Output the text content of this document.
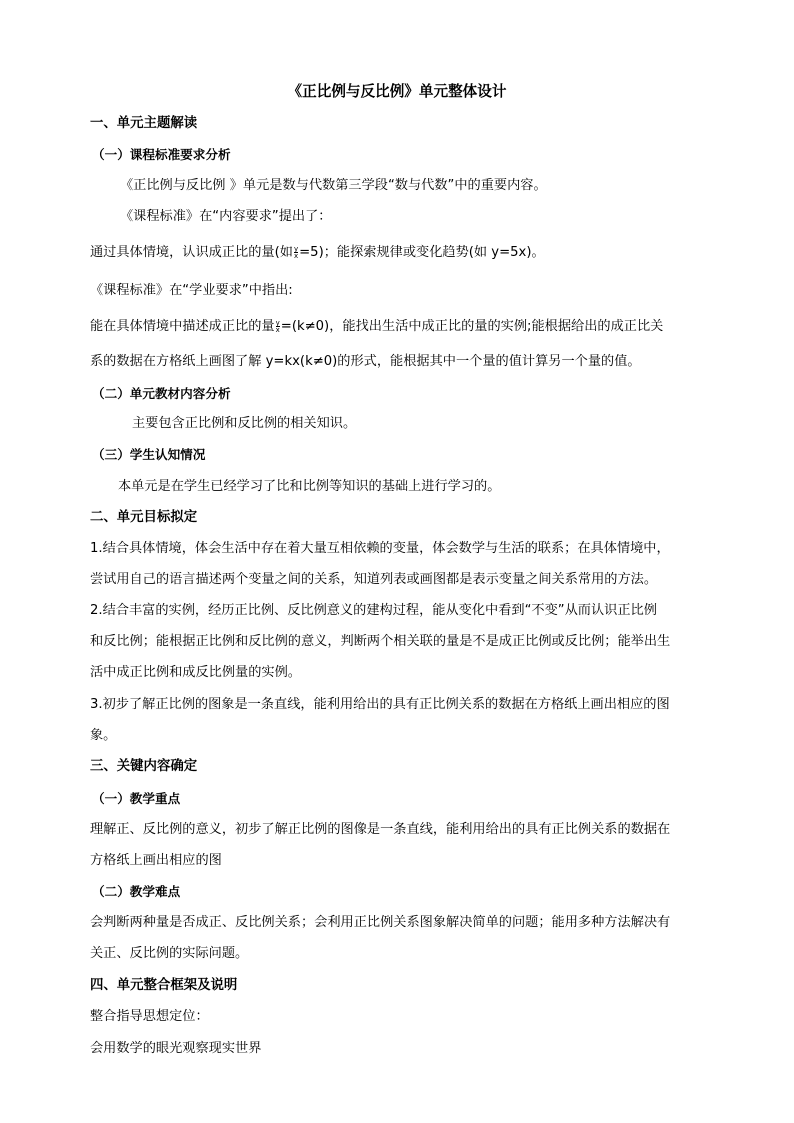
《正比例与反比例》单元整体设计
一、单元主题解读
（一）课程标准要求分析
《正比例与反比例 》单元是数与代数第三学段“数与代数”中的重要内容。
《课程标准》在“内容要求”提出了：
通过具体情境，认识成正比的量(如 $\frac{y}{x} =5$)；能探索规律或变化趋势(如 y=5x)。
《课程标准》在“学业要求”中指出:
能在具体情境中描述成正比的量 $\frac{y}{x} =(k\ne 0)$，能找出生活中成正比的量的实例;能根据给出的成正比关
系的数据在方格纸上画图了解 y=kx(k≠0)的形式，能根据其中一个量的值计算另一个量的值。
（二）单元教材内容分析
主要包含正比例和反比例的相关知识。
（三）学生认知情况
本单元是在学生已经学习了比和比例等知识的基础上进行学习的。
二、单元目标拟定
1.结合具体情境，体会生活中存在着大量互相依赖的变量，体会数学与生活的联系；在具体情境中，
尝试用自己的语言描述两个变量之间的关系，知道列表或画图都是表示变量之间关系常用的方法。
2.结合丰富的实例，经历正比例、反比例意义的建构过程，能从变化中看到“不变”从而认识正比例
和反比例；能根据正比例和反比例的意义，判断两个相关联的量是不是成正比例或反比例；能举出生
活中成正比例和成反比例量的实例。
3.初步了解正比例的图象是一条直线，能利用给出的具有正比例关系的数据在方格纸上画出相应的图
象。
三、关键内容确定
（一）教学重点
理解正、反比例的意义，初步了解正比例的图像是一条直线，能利用给出的具有正比例关系的数据在
方格纸上画出相应的图
（二）教学难点
会判断两种量是否成正、反比例关系；会利用正比例关系图象解决简单的问题；能用多种方法解决有
关正、反比例的实际问题。
四、单元整合框架及说明
整合指导思想定位：
会用数学的眼光观察现实世界
